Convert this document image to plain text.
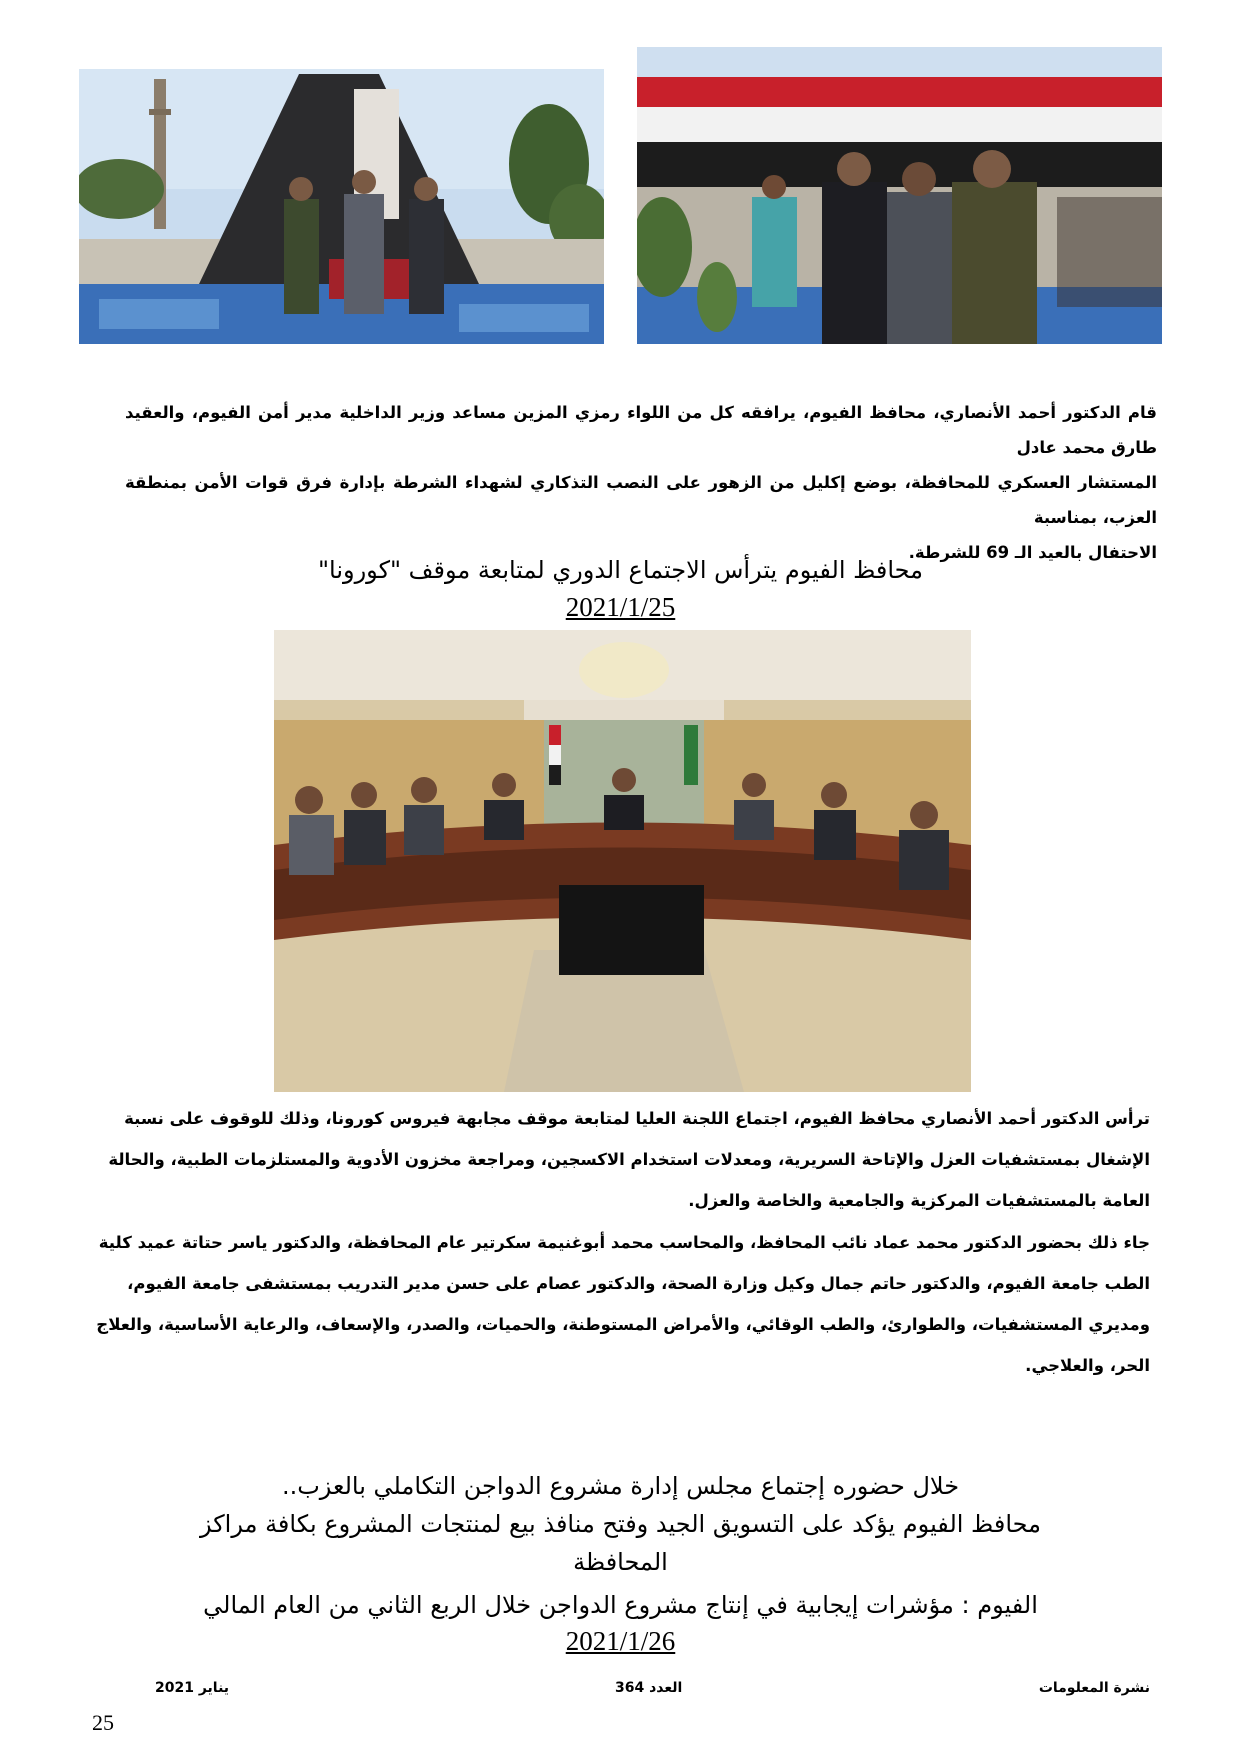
قام الدكتور أحمد الأنصاري، محافظ الفيوم، يرافقه كل من اللواء رمزي المزين مساعد وزير الداخلية مدير أمن الفيوم، والعقيد طارق محمد عادل

المستشار العسكري للمحافظة، بوضع إكليل من الزهور على النصب التذكاري لشهداء الشرطة بإدارة فرق قوات الأمن بمنطقة العزب، بمناسبة

الاحتفال بالعيد الـ 69 للشرطة.

محافظ الفيوم يترأس الاجتماع الدوري لمتابعة موقف "كورونا"
2021/1/25

ترأس الدكتور أحمد الأنصاري محافظ الفيوم، اجتماع اللجنة العليا لمتابعة موقف مجابهة فيروس كورونا، وذلك للوقوف على نسبة

الإشغال بمستشفيات العزل والإتاحة السريرية، ومعدلات استخدام الاكسجين، ومراجعة مخزون الأدوية والمستلزمات الطبية، والحالة

العامة بالمستشفيات المركزية والجامعية والخاصة والعزل.

جاء ذلك بحضور الدكتور محمد عماد نائب المحافظ، والمحاسب محمد أبوغنيمة سكرتير عام المحافظة، والدكتور ياسر حتاتة عميد كلية

الطب جامعة الفيوم، والدكتور حاتم جمال وكيل وزارة الصحة، والدكتور عصام على حسن مدير التدريب بمستشفى جامعة الفيوم،

ومديري المستشفيات، والطوارئ، والطب الوقائي، والأمراض المستوطنة، والحميات، والصدر، والإسعاف، والرعاية الأساسية، والعلاج

الحر، والعلاجي.

خلال حضوره إجتماع مجلس إدارة مشروع الدواجن التكاملي بالعزب..
محافظ الفيوم يؤكد على التسويق الجيد وفتح منافذ بيع لمنتجات المشروع بكافة مراكز
المحافظة
الفيوم : مؤشرات إيجابية في إنتاج مشروع الدواجن خلال الربع الثاني من العام المالي
2021/1/26
نشرة المعلومات
العدد 364
يناير 2021
25
